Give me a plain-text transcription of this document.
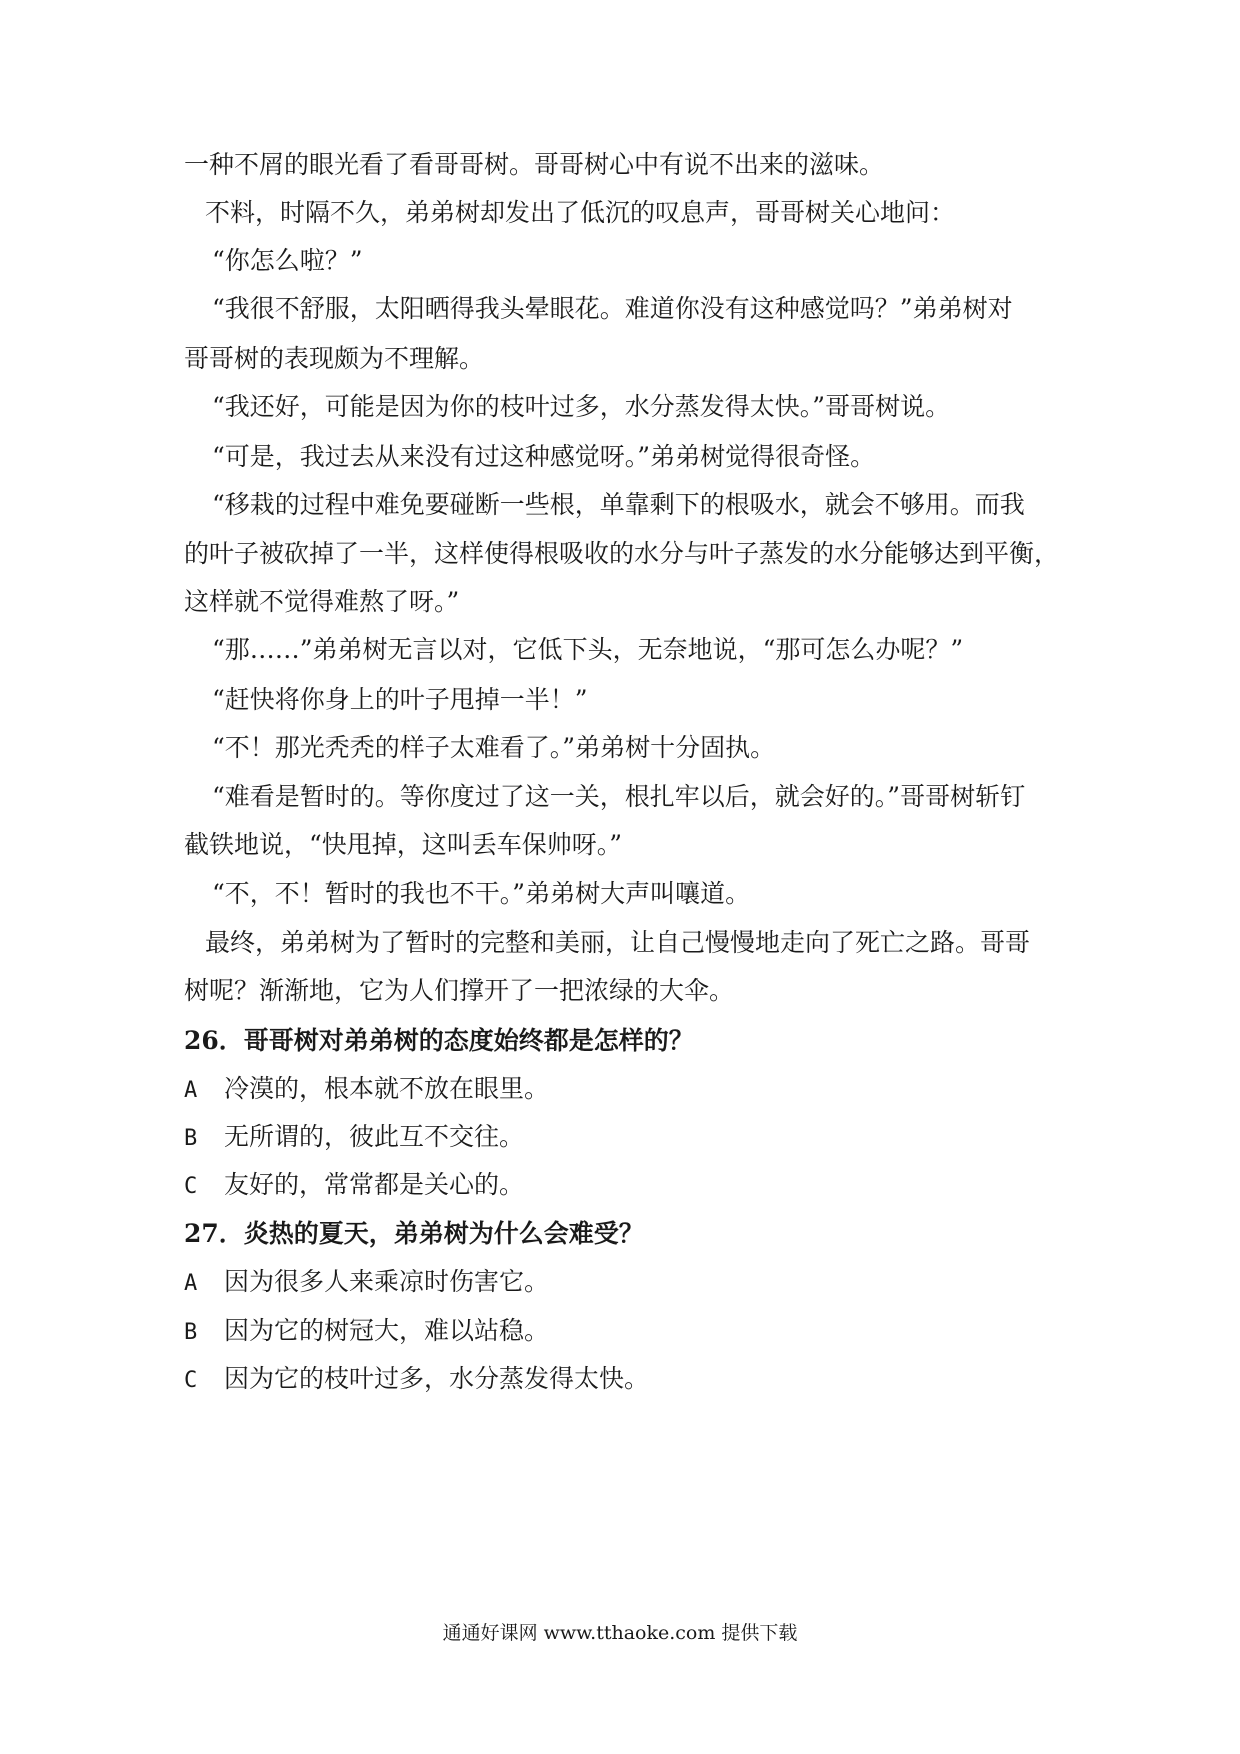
一种不屑的眼光看了看哥哥树。哥哥树心中有说不出来的滋味。
不料，时隔不久，弟弟树却发出了低沉的叹息声，哥哥树关心地问：
“你怎么啦？”
“我很不舒服，太阳晒得我头晕眼花。难道你没有这种感觉吗？”弟弟树对
哥哥树的表现颇为不理解。
“我还好，可能是因为你的枝叶过多，水分蒸发得太快。”哥哥树说。
“可是，我过去从来没有过这种感觉呀。”弟弟树觉得很奇怪。
“移栽的过程中难免要碰断一些根，单靠剩下的根吸水，就会不够用。而我
的叶子被砍掉了一半，这样使得根吸收的水分与叶子蒸发的水分能够达到平衡，
这样就不觉得难熬了呀。”
“那……”弟弟树无言以对，它低下头，无奈地说，“那可怎么办呢？”
“赶快将你身上的叶子甩掉一半！”
“不！那光秃秃的样子太难看了。”弟弟树十分固执。
“难看是暂时的。等你度过了这一关，根扎牢以后，就会好的。”哥哥树斩钉
截铁地说，“快甩掉，这叫丢车保帅呀。”
“不，不！暂时的我也不干。”弟弟树大声叫嚷道。
最终，弟弟树为了暂时的完整和美丽，让自己慢慢地走向了死亡之路。哥哥
树呢？渐渐地，它为人们撑开了一把浓绿的大伞。
26．哥哥树对弟弟树的态度始终都是怎样的？
A 冷漠的，根本就不放在眼里。
B 无所谓的，彼此互不交往。
C 友好的，常常都是关心的。
27．炎热的夏天，弟弟树为什么会难受？
A 因为很多人来乘凉时伤害它。
B 因为它的树冠大，难以站稳。
C 因为它的枝叶过多，水分蒸发得太快。
通通好课网 www.tthaoke.com 提供下载
